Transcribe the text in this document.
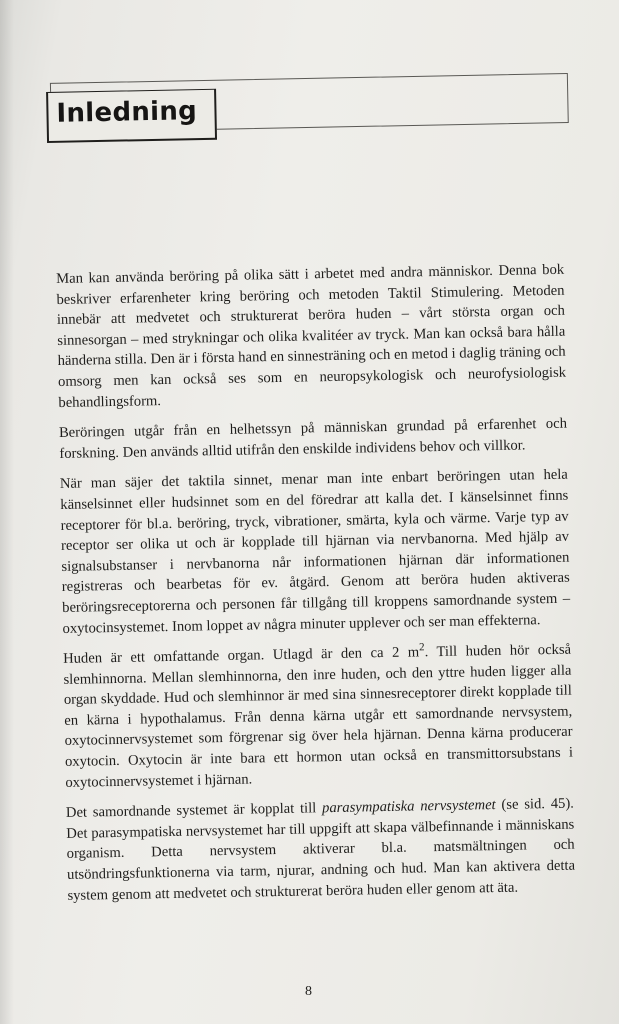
Inledning

Man kan använda beröring på olika sätt i arbetet med andra människor. Denna bok beskriver erfarenheter kring beröring och metoden Taktil Stimulering. Metoden innebär att medvetet och strukturerat beröra huden – vårt största organ och sinnesorgan – med strykningar och olika kvalitéer av tryck. Man kan också bara hålla händerna stilla. Den är i första hand en sinnesträning och en metod i daglig träning och omsorg men kan också ses som en neuropsykologisk och neurofysiologisk behandlingsform.

Beröringen utgår från en helhetssyn på människan grundad på erfarenhet och forskning. Den används alltid utifrån den enskilde individens behov och villkor.

När man säjer det taktila sinnet, menar man inte enbart beröringen utan hela känselsinnet eller hudsinnet som en del föredrar att kalla det. I känselsinnet finns receptorer för bl.a. beröring, tryck, vibrationer, smärta, kyla och värme. Varje typ av receptor ser olika ut och är kopplade till hjärnan via nervbanorna. Med hjälp av signalsubstanser i nervbanorna når informationen hjärnan där informationen registreras och bearbetas för ev. åtgärd. Genom att beröra huden aktiveras beröringsreceptorerna och personen får tillgång till kroppens samordnande system – oxytocinsystemet. Inom loppet av några minuter upplever och ser man effekterna.

Huden är ett omfattande organ. Utlagd är den ca 2 $m^2$. Till huden hör också slemhinnorna. Mellan slemhinnorna, den inre huden, och den yttre huden ligger alla organ skyddade. Hud och slemhinnor är med sina sinnesreceptorer direkt kopplade till en kärna i hypothalamus. Från denna kärna utgår ett samordnande nervsystem, oxytocinnervsystemet som förgrenar sig över hela hjärnan. Denna kärna producerar oxytocin. Oxytocin är inte bara ett hormon utan också en transmittorsubstans i oxytocinnervsystemet i hjärnan.

Det samordnande systemet är kopplat till parasympatiska nervsystemet (se sid. 45). Det parasympatiska nervsystemet har till uppgift att skapa välbefinnande i människans organism. Detta nervsystem aktiverar bl.a. matsmältningen och utsöndringsfunktionerna via tarm, njurar, andning och hud. Man kan aktivera detta system genom att medvetet och strukturerat beröra huden eller genom att äta.

8
